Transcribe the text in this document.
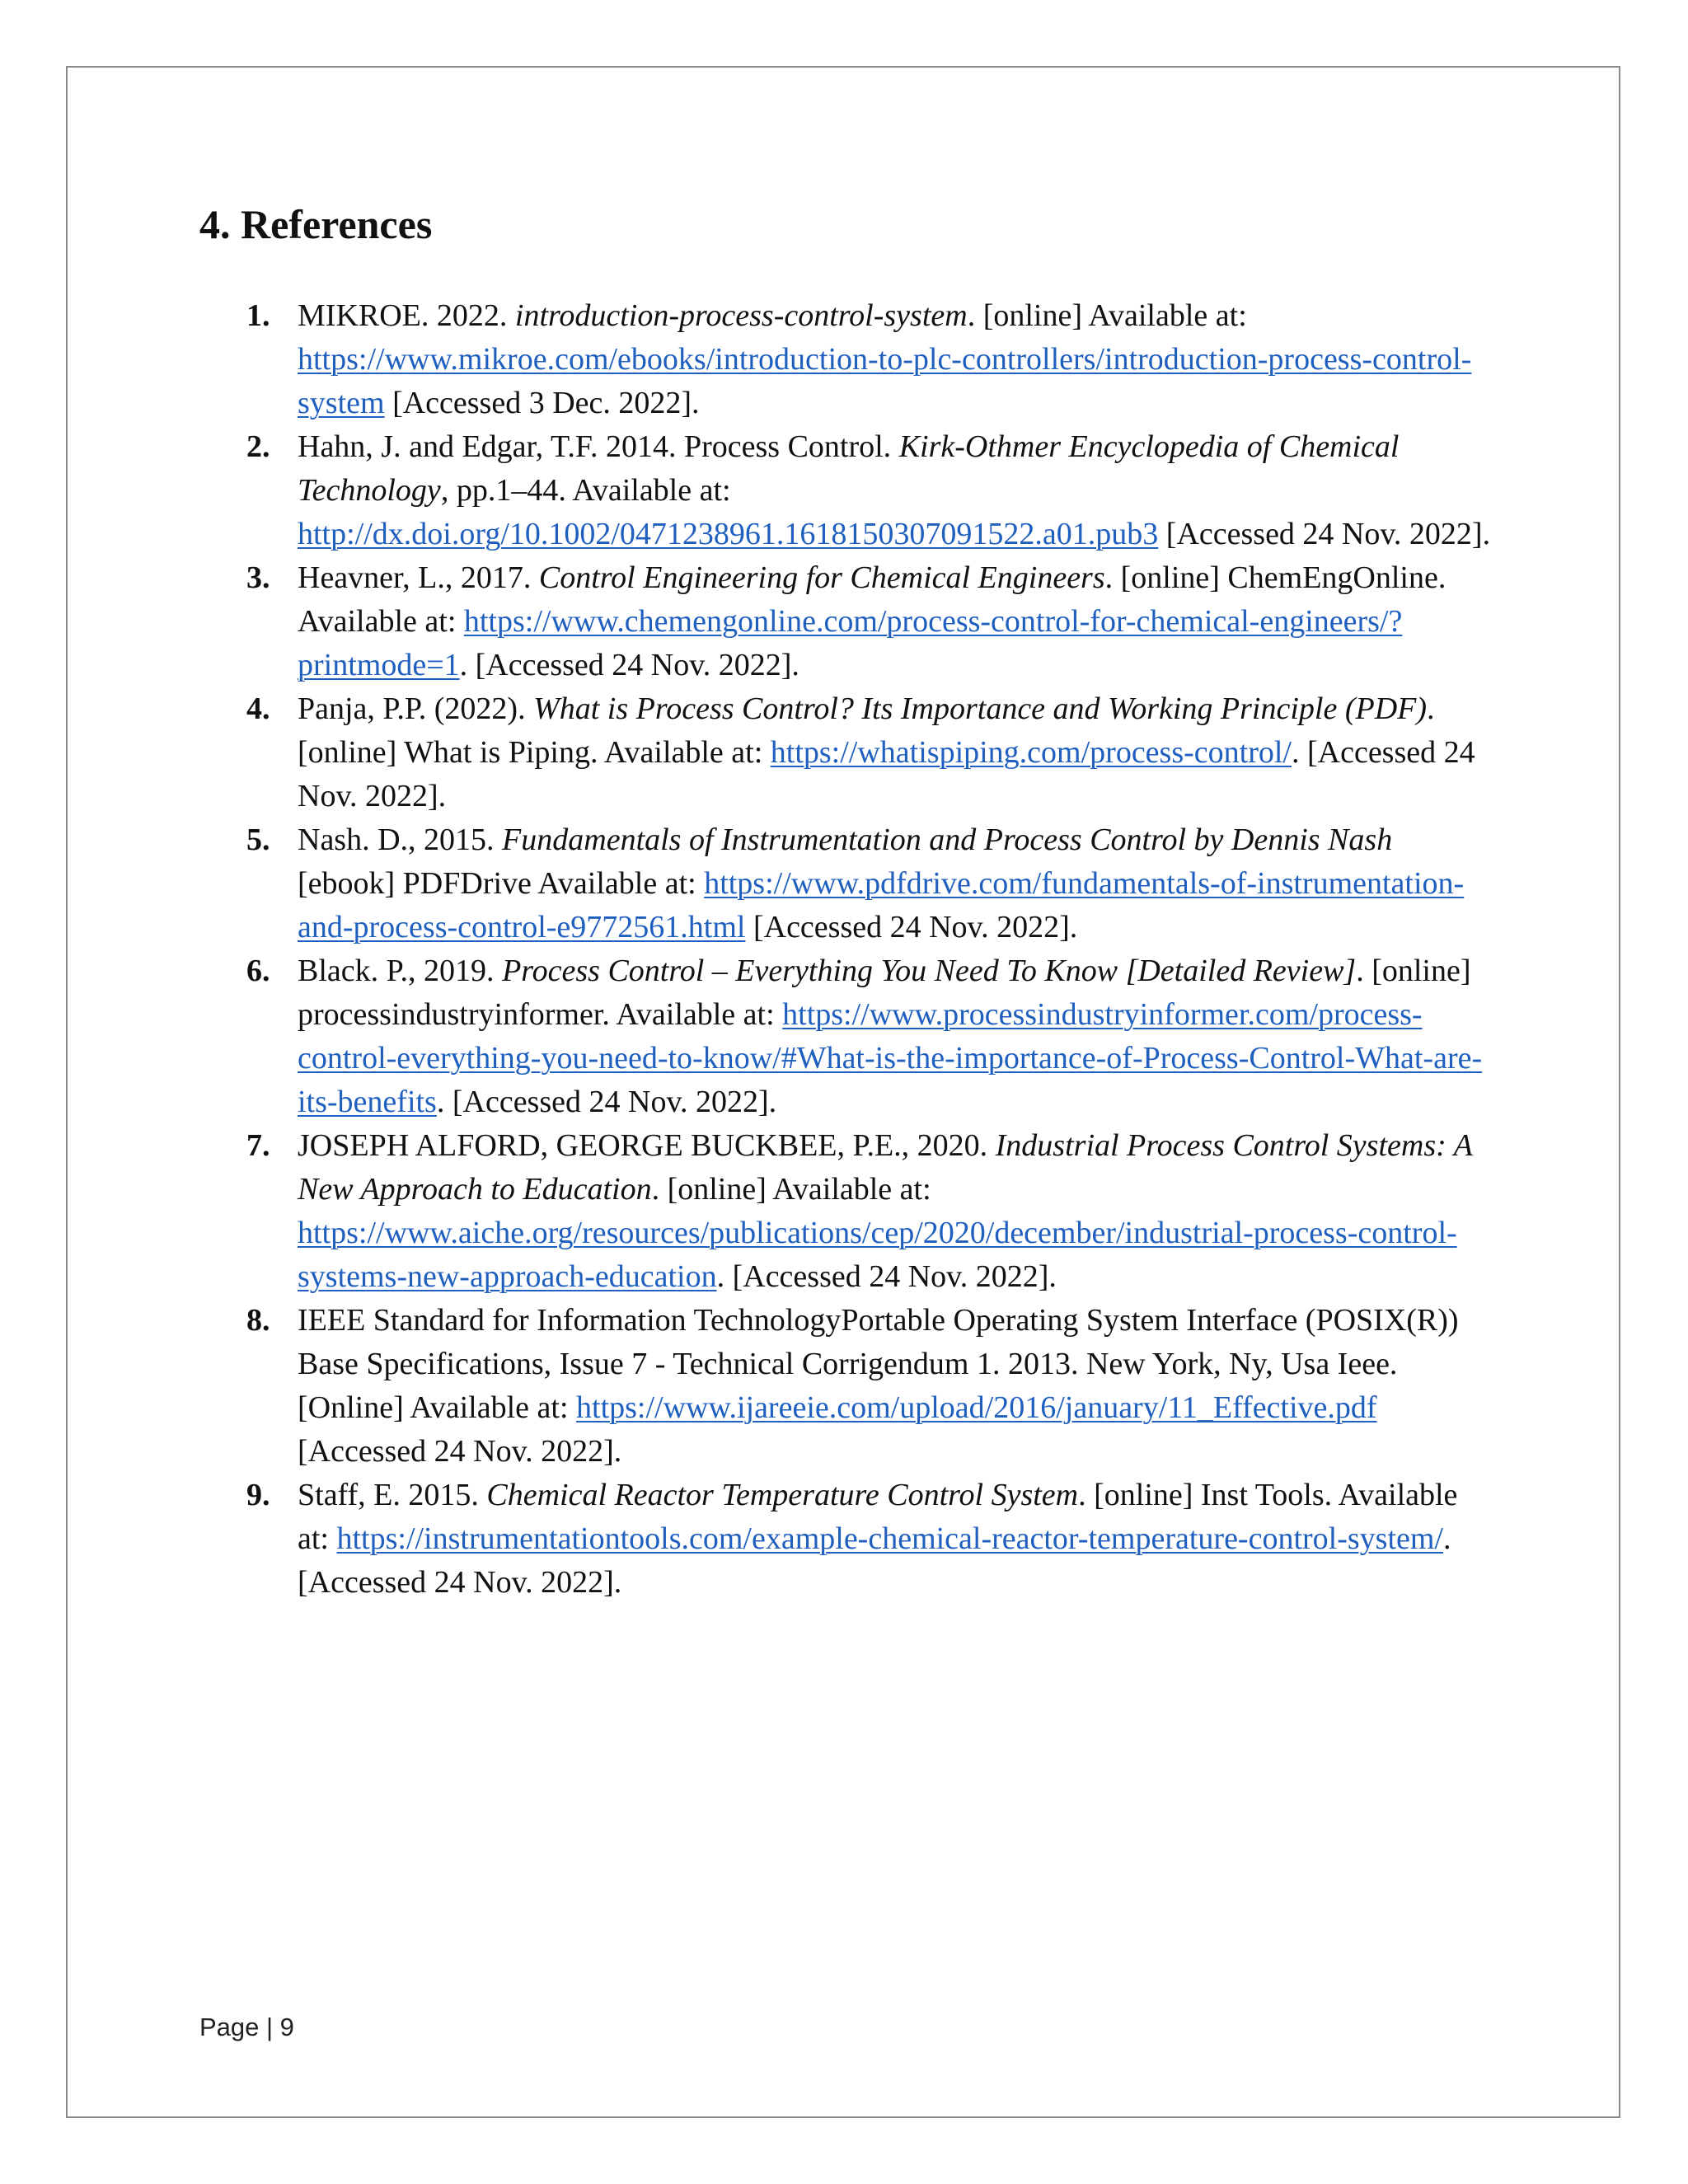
4. References
1. MIKROE. 2022. introduction-process-control-system. [online] Available at: https://www.mikroe.com/ebooks/introduction-to-plc-controllers/introduction-process-control-system [Accessed 3 Dec. 2022].
2. Hahn, J. and Edgar, T.F. 2014. Process Control. Kirk-Othmer Encyclopedia of Chemical Technology, pp.1–44. Available at: http://dx.doi.org/10.1002/0471238961.1618150307091522.a01.pub3 [Accessed 24 Nov. 2022].
3. Heavner, L., 2017. Control Engineering for Chemical Engineers. [online] ChemEngOnline. Available at: https://www.chemengonline.com/process-control-for-chemical-engineers/?printmode=1. [Accessed 24 Nov. 2022].
4. Panja, P.P. (2022). What is Process Control? Its Importance and Working Principle (PDF). [online] What is Piping. Available at: https://whatispiping.com/process-control/. [Accessed 24 Nov. 2022].
5. Nash. D., 2015. Fundamentals of Instrumentation and Process Control by Dennis Nash [ebook] PDFDrive Available at: https://www.pdfdrive.com/fundamentals-of-instrumentation-and-process-control-e9772561.html [Accessed 24 Nov. 2022].
6. Black. P., 2019. Process Control – Everything You Need To Know [Detailed Review]. [online] processindustryinformer. Available at: https://www.processindustryinformer.com/process-control-everything-you-need-to-know/#What-is-the-importance-of-Process-Control-What-are-its-benefits. [Accessed 24 Nov. 2022].
7. JOSEPH ALFORD, GEORGE BUCKBEE, P.E., 2020. Industrial Process Control Systems: A New Approach to Education. [online] Available at: https://www.aiche.org/resources/publications/cep/2020/december/industrial-process-control-systems-new-approach-education. [Accessed 24 Nov. 2022].
8. IEEE Standard for Information TechnologyPortable Operating System Interface (POSIX(R)) Base Specifications, Issue 7 - Technical Corrigendum 1. 2013. New York, Ny, Usa Ieee. [Online] Available at: https://www.ijareeie.com/upload/2016/january/11_Effective.pdf [Accessed 24 Nov. 2022].
9. Staff, E. 2015. Chemical Reactor Temperature Control System. [online] Inst Tools. Available at: https://instrumentationtools.com/example-chemical-reactor-temperature-control-system/. [Accessed 24 Nov. 2022].
Page | 9
